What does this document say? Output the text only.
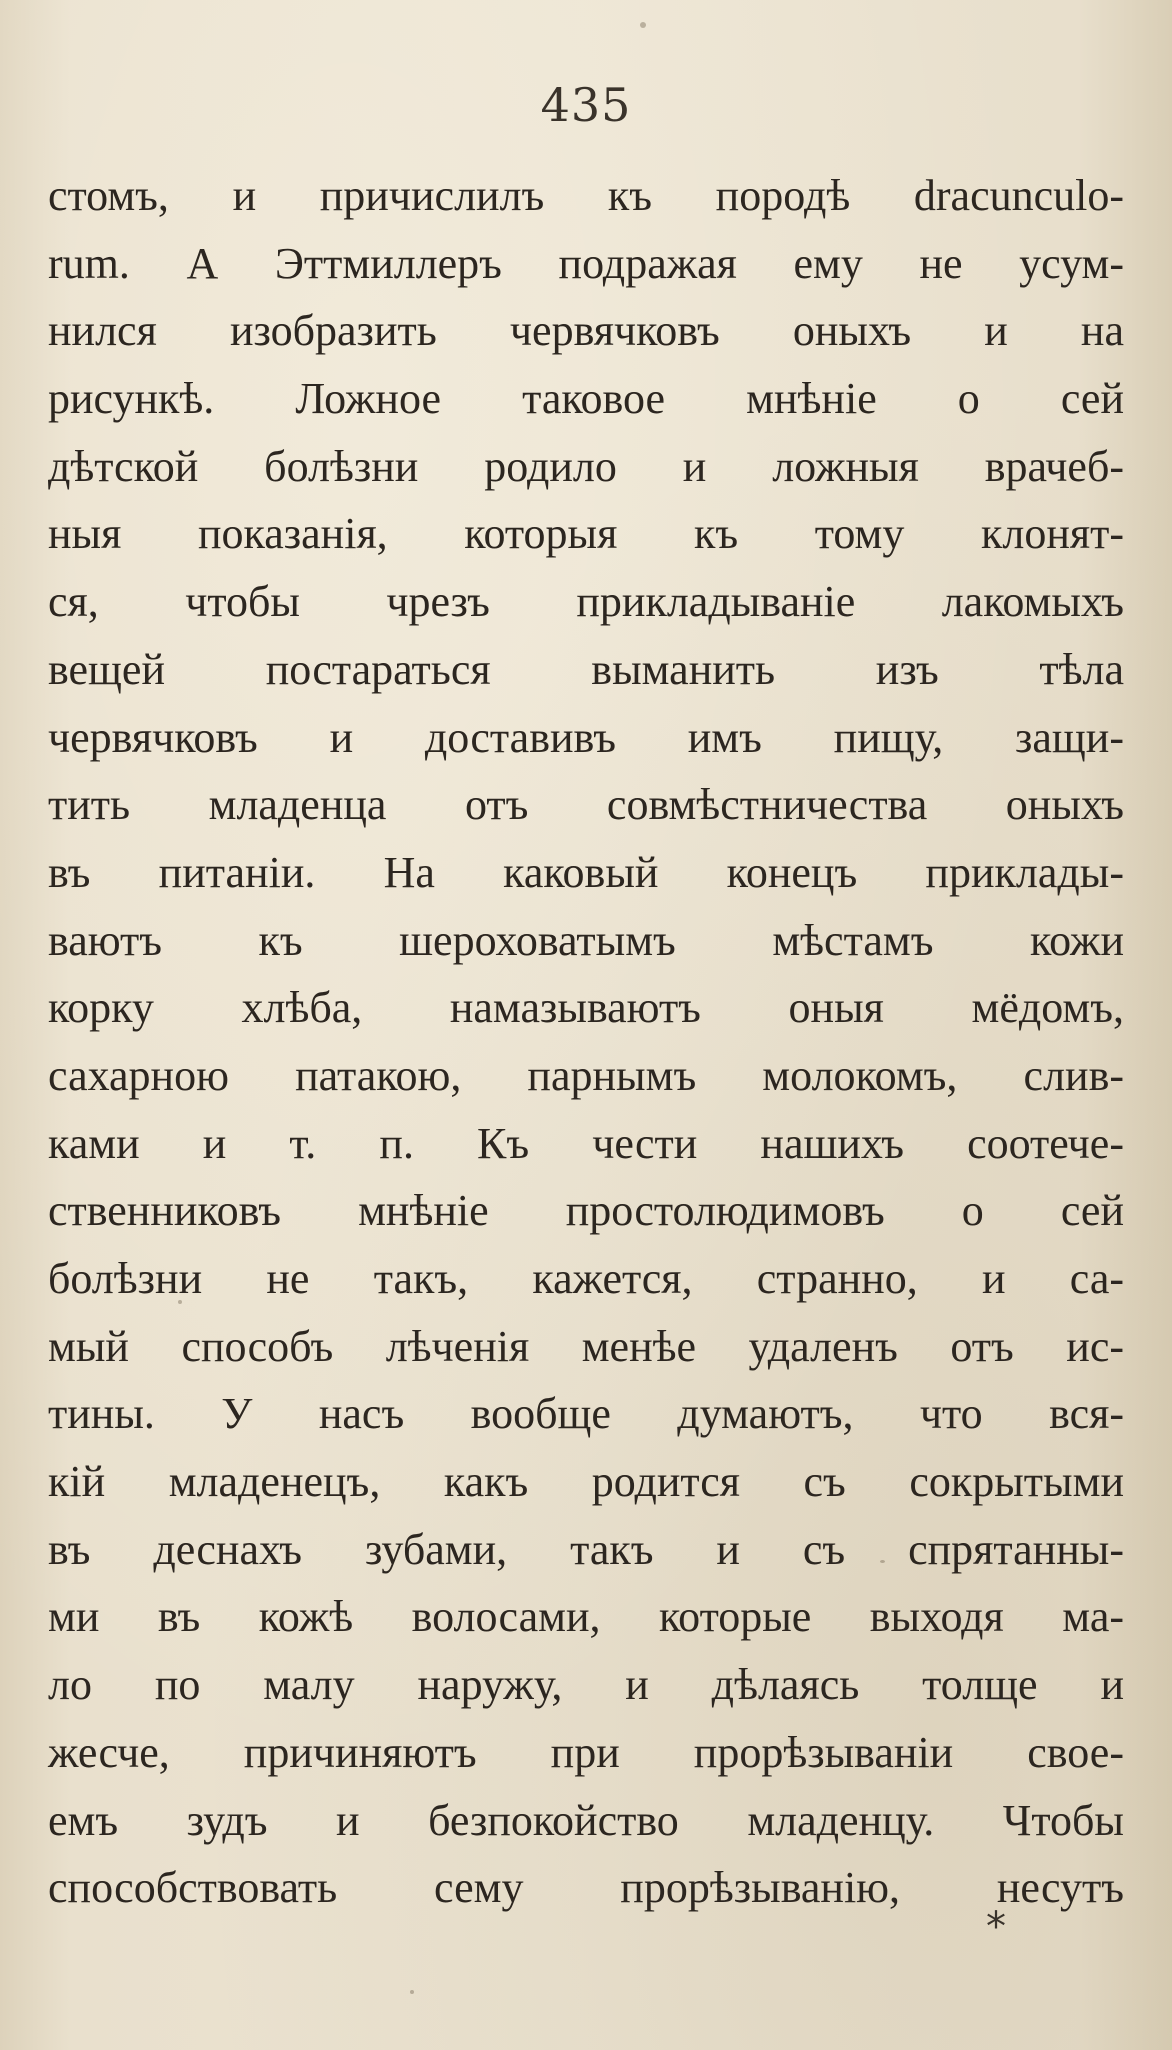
435
стомъ, и причислилъ къ породѣ dracunculo-
rum. А Эттмиллеръ подражая ему не усум-
нился изобразить червячковъ оныхъ и на
рисункѣ. Ложное таковое мнѣніе о сей
дѣтской болѣзни родило и ложныя врачеб-
ныя показанія, которыя къ тому клонят-
ся, чтобы чрезъ прикладываніе лакомыхъ
вещей постараться выманить изъ тѣла
червячковъ и доставивъ имъ пищу, защи-
тить младенца отъ совмѣстничества оныхъ
въ питаніи. На каковый конецъ приклады-
ваютъ къ шероховатымъ мѣстамъ кожи
корку хлѣба, намазываютъ оныя мёдомъ,
сахарною патакою, парнымъ молокомъ, слив-
ками и т. п. Къ чести нашихъ соотече-
ственниковъ мнѣніе простолюдимовъ о сей
болѣзни не такъ, кажется, странно, и са-
мый способъ лѣченія менѣе удаленъ отъ ис-
тины. У насъ вообще думаютъ, что вся-
кій младенецъ, какъ родится съ сокрытыми
въ деснахъ зубами, такъ и съ спрятанны-
ми въ кожѣ волосами, которые выходя ма-
ло по малу наружу, и дѣлаясь толще и
жесче, причиняютъ при прорѣзываніи свое-
емъ зудъ и безпокойство младенцу. Чтобы
способствовать сему прорѣзыванію, несутъ
*
